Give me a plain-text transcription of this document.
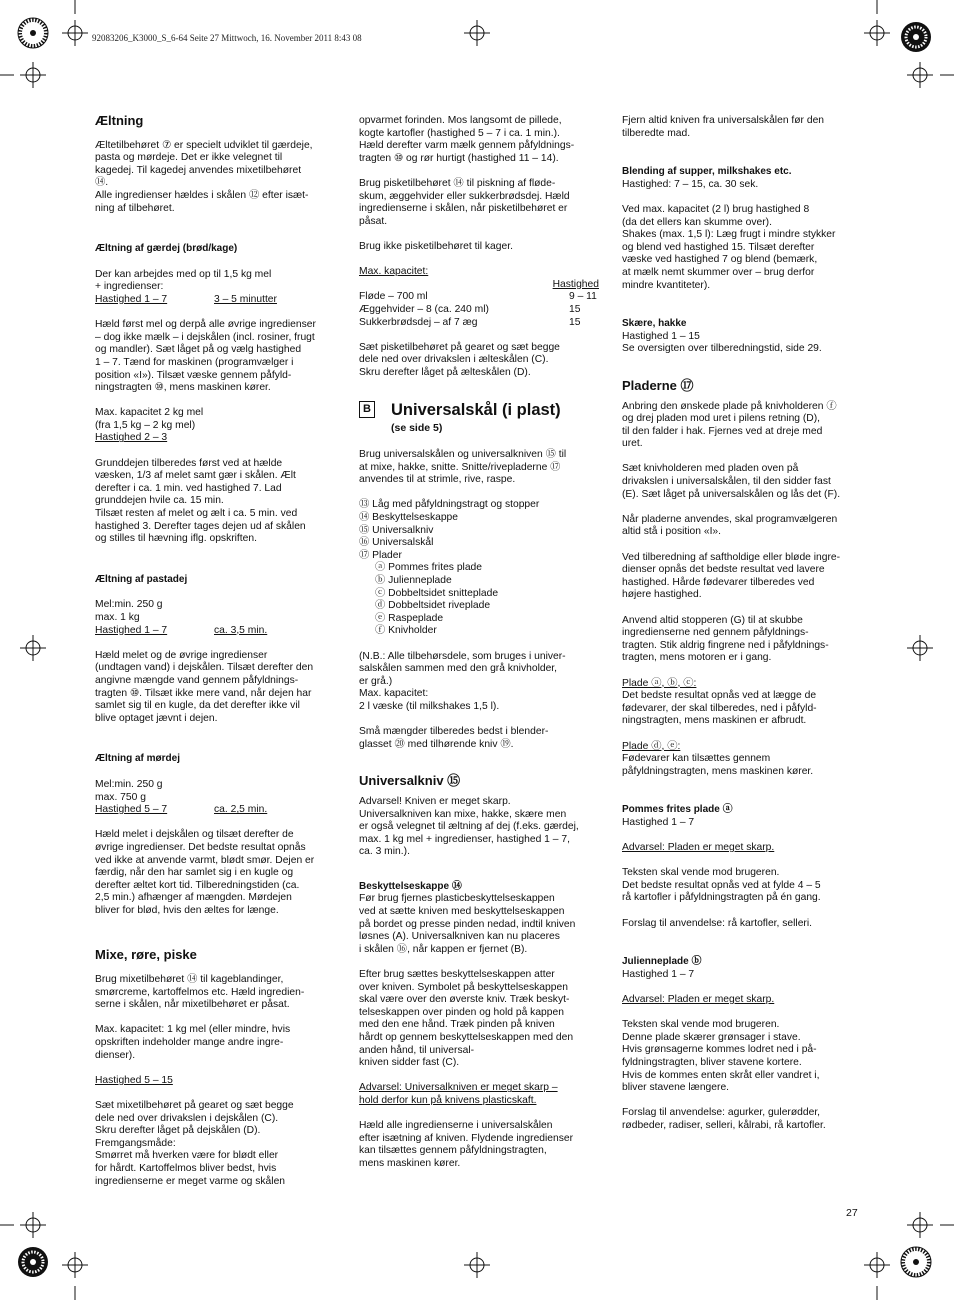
92083206_K3000_S_6-64 Seite 27 Mittwoch, 16. November 2011 8:43 08
Æltning

Æltetilbehøret ⑦ er specielt udviklet til gærdeje,
pasta og mørdeje. Det er ikke velegnet til
kagedej. Til kagedej anvendes mixetilbehøret
⑭.
Alle ingredienser hældes i skålen ⑫ efter isæt-
ning af tilbehøret.

Æltning af gærdej (brød/kage)

Der kan arbejdes med op til 1,5 kg mel
+ ingredienser:

Hastighed 1 – 7	3 – 5 minutter

Hæld først mel og derpå alle øvrige ingredienser
– dog ikke mælk – i dejskålen (incl. rosiner, frugt
og mandler). Sæt låget på og vælg hastighed
1 – 7. Tænd for maskinen (programvælger i
position «I»). Tilsæt væske gennem påfyld-
ningstragten ⑩, mens maskinen kører.

Max. kapacitet 2 kg mel
(fra 1,5 kg – 2 kg mel)

Hastighed 2 – 3

Grunddejen tilberedes først ved at hælde
væsken, 1/3 af melet samt gær i skålen. Ælt
derefter i ca. 1 min. ved hastighed 7. Lad
grunddejen hvile ca. 15 min.
Tilsæt resten af melet og ælt i ca. 5 min. ved
hastighed 3. Derefter tages dejen ud af skålen
og stilles til hævning iflg. opskriften.

Æltning af pastadej

Mel:min. 250 g
max. 1 kg

Hastighed 1 – 7	ca. 3,5 min.

Hæld melet og de øvrige ingredienser
(undtagen vand) i dejskålen. Tilsæt derefter den
angivne mængde vand gennem påfyldnings-
tragten ⑩. Tilsæt ikke mere vand, når dejen har
samlet sig til en kugle, da det derefter ikke vil
blive optaget jævnt i dejen.

Æltning af mørdej

Mel:min. 250 g
max. 750 g

Hastighed 5 – 7	ca. 2,5 min.

Hæld melet i dejskålen og tilsæt derefter de
øvrige ingredienser. Det bedste resultat opnås
ved ikke at anvende varmt, blødt smør. Dejen er
færdig, når den har samlet sig i en kugle og
derefter æltet kort tid. Tilberedningstiden (ca.
2,5 min.) afhænger af mængden. Mørdejen
bliver for blød, hvis den æltes for længe.

Mixe, røre, piske

Brug mixetilbehøret ⑭ til kageblandinger,
smørcreme, kartoffelmos etc. Hæld ingredien-
serne i skålen, når mixetilbehøret er påsat.

Max. kapacitet: 1 kg mel (eller mindre, hvis
opskriften indeholder mange andre ingre-
dienser).

Hastighed 5 – 15

Sæt mixetilbehøret på gearet og sæt begge
dele ned over drivakslen i dejskålen (C).
Skru derefter låget på dejskålen (D).
Fremgangsmåde:
Smørret må hverken være for blødt eller
for hårdt. Kartoffelmos bliver bedst, hvis
ingredienserne er meget varme og skålen

opvarmet forinden. Mos langsomt de pillede,
kogte kartofler (hastighed 5 – 7 i ca. 1 min.).
Hæld derefter varm mælk gennem påfyldnings-
tragten ⑩ og rør hurtigt (hastighed 11 – 14).

Brug pisketilbehøret ⑭ til piskning af fløde-
skum, æggehvider eller sukkerbrødsdej. Hæld
ingredienserne i skålen, når pisketilbehøret er
påsat.

Brug ikke pisketilbehøret til kager.

Max. kapacitet:
Hastighed
Fløde – 700 ml	9 – 11
Æggehvider – 8 (ca. 240 ml)	15
Sukkerbrødsdej – af 7 æg	15

Sæt pisketilbehøret på gearet og sæt begge
dele ned over drivakslen i ælteskålen (C).
Skru derefter låget på ælteskålen (D).

B Universalskål (i plast)
(se side 5)

Brug universalskålen og universalkniven ⑮ til
at mixe, hakke, snitte. Snitte/rivepladerne ⑰
anvendes til at strimle, rive, raspe.

⑬ Låg med påfyldningstragt og stopper

⑭ Beskyttelseskappe

⑮ Universalkniv

⑯ Universalskål

⑰ Plader

ⓐ Pommes frites plade

ⓑ Julienneplade

ⓒ Dobbeltsidet snitteplade

ⓓ Dobbeltsidet riveplade

ⓔ Raspeplade

ⓕ Knivholder

(N.B.: Alle tilbehørsdele, som bruges i univer-
salskålen sammen med den grå knivholder,
er grå.)
Max. kapacitet:
2 l væske (til milkshakes 1,5 l).

Små mængder tilberedes bedst i blender-
glasset ⑳ med tilhørende kniv ⑲.

Universalkniv ⑮

Advarsel! Kniven er meget skarp.
Universalkniven kan mixe, hakke, skære men
er også velegnet til æltning af dej (f.eks. gærdej,
max. 1 kg mel + ingredienser, hastighed 1 – 7,
ca. 3 min.).

Beskyttelseskappe ⑭

Før brug fjernes plasticbeskyttelseskappen
ved at sætte kniven med beskyttelseskappen
på bordet og presse pinden nedad, indtil kniven
løsnes (A). Universalkniven kan nu placeres
i skålen ⑯, når kappen er fjernet (B).

Efter brug sættes beskyttelseskappen atter
over kniven. Symbolet på beskyttelseskappen
skal være over den øverste kniv. Træk beskyt-
telseskappen over pinden og hold på kappen
med den ene hånd. Træk pinden på kniven
hårdt op gennem beskyttelseskappen med den
anden hånd, til universal-
kniven sidder fast (C).

Advarsel: Universalkniven er meget skarp –
hold derfor kun på knivens plasticskaft.

Hæld alle ingredienserne i universalskålen
efter isætning af kniven. Flydende ingredienser
kan tilsættes gennem påfyldningstragten,
mens maskinen kører.

Fjern altid kniven fra universalskålen før den
tilberedte mad.

Blending af supper, milkshakes etc.

Hastighed: 7 – 15, ca. 30 sek.

Ved max. kapacitet (2 l) brug hastighed 8
(da det ellers kan skumme over).
Shakes (max. 1,5 l): Læg frugt i mindre stykker
og blend ved hastighed 15. Tilsæt derefter
væske ved hastighed 7 og blend (bemærk,
at mælk nemt skummer over – brug derfor
mindre kvantiteter).

Skære, hakke

Hastighed 1 – 15
Se oversigten over tilberedningstid, side 29.

Pladerne ⑰

Anbring den ønskede plade på knivholderen ⓕ
og drej pladen mod uret i pilens retning (D),
til den falder i hak. Fjernes ved at dreje med
uret.

Sæt knivholderen med pladen oven på
drivakslen i universalskålen, til den sidder fast
(E). Sæt låget på universalskålen og lås det (F).

Når pladerne anvendes, skal programvælgeren
altid stå i position «I».

Ved tilberedning af saftholdige eller bløde ingre-
dienser opnås det bedste resultat ved lavere
hastighed. Hårde fødevarer tilberedes ved
højere hastighed.

Anvend altid stopperen (G) til at skubbe
ingredienserne ned gennem påfyldnings-
tragten. Stik aldrig fingrene ned i påfyldnings-
tragten, mens motoren er i gang.

Plade ⓐ, ⓑ, ⓒ:

Det bedste resultat opnås ved at lægge de
fødevarer, der skal tilberedes, ned i påfyld-
ningstragten, mens maskinen er afbrudt.

Plade ⓓ, ⓔ:

Fødevarer kan tilsættes gennem
påfyldningstragten, mens maskinen kører.

Pommes frites plade ⓐ

Hastighed 1 – 7

Advarsel: Pladen er meget skarp.

Teksten skal vende mod brugeren.
Det bedste resultat opnås ved at fylde 4 – 5
rå kartofler i påfyldningstragten på én gang.

Forslag til anvendelse: rå kartofler, selleri.

Julienneplade ⓑ

Hastighed 1 – 7

Advarsel: Pladen er meget skarp.

Teksten skal vende mod brugeren.
Denne plade skærer grønsager i stave.
Hvis grønsagerne kommes lodret ned i på-
fyldningstragten, bliver stavene kortere.
Hvis de kommes enten skråt eller vandret i,
bliver stavene længere.

Forslag til anvendelse: agurker, gulerødder,
rødbeder, radiser, selleri, kålrabi, rå kartofler.

27
